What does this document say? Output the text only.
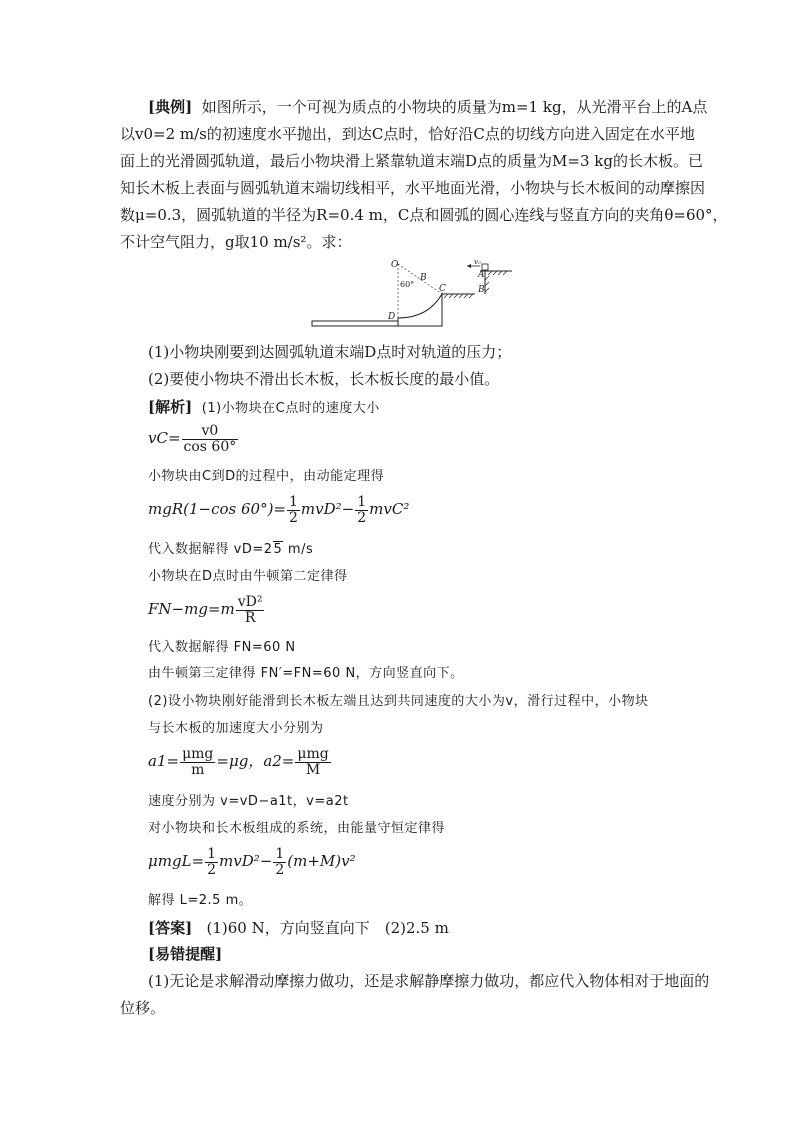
[典例] 如图所示，一个可视为质点的小物块的质量为m=1 kg，从光滑平台上的A点
以v0=2 m/s的初速度水平抛出，到达C点时，恰好沿C点的切线方向进入固定在水平地
面上的光滑圆弧轨道，最后小物块滑上紧靠轨道末端D点的质量为M=3 kg的长木板。已
知长木板上表面与圆弧轨道末端切线相平，水平地面光滑，小物块与长木板间的动摩擦因
数μ=0.3，圆弧轨道的半径为R=0.4 m，C点和圆弧的圆心连线与竖直方向的夹角θ=60°，
不计空气阻力，g取10 m/s²。求：
O
B
60°	C
D
A
B
v₀
(1)小物块刚要到达圆弧轨道末端D点时对轨道的压力；
(2)要使小物块不滑出长木板，长木板长度的最小值。
[解析] (1)小物块在C点时的速度大小
$vC= \frac{v0}{\cos 60^\circ}$
小物块由C到D的过程中，由动能定理得
mgR(1−cos $60^\circ)= \frac{1}{2} mvD^2- \frac{1}{2} mvC^2$
代入数据解得 vD=25 m/s
小物块在D点时由牛顿第二定律得
$FN-mg=m \frac{\text{vD²}}{R}$
代入数据解得 FN=60 N
由牛顿第三定律得 FN′=FN=60 N，方向竖直向下。
(2)设小物块刚好能滑到长木板左端且达到共同速度的大小为v，滑行过程中，小物块
与长木板的加速度大小分别为
$a1= \frac{\text{μmg}}{m} =\mu g$，$a2= \frac{\text{μmg}}{M}$
速度分别为 v=vD−a1t，v=a2t
对小物块和长木板组成的系统，由能量守恒定律得
$\mu mgL= \frac{1}{2} mvD^2- \frac{1}{2} (m+M)v^2$
解得 L=2.5 m。
[答案] (1)60 N，方向竖直向下　(2)2.5 m
[易错提醒]
(1)无论是求解滑动摩擦力做功，还是求解静摩擦力做功，都应代入物体相对于地面的
位移。
